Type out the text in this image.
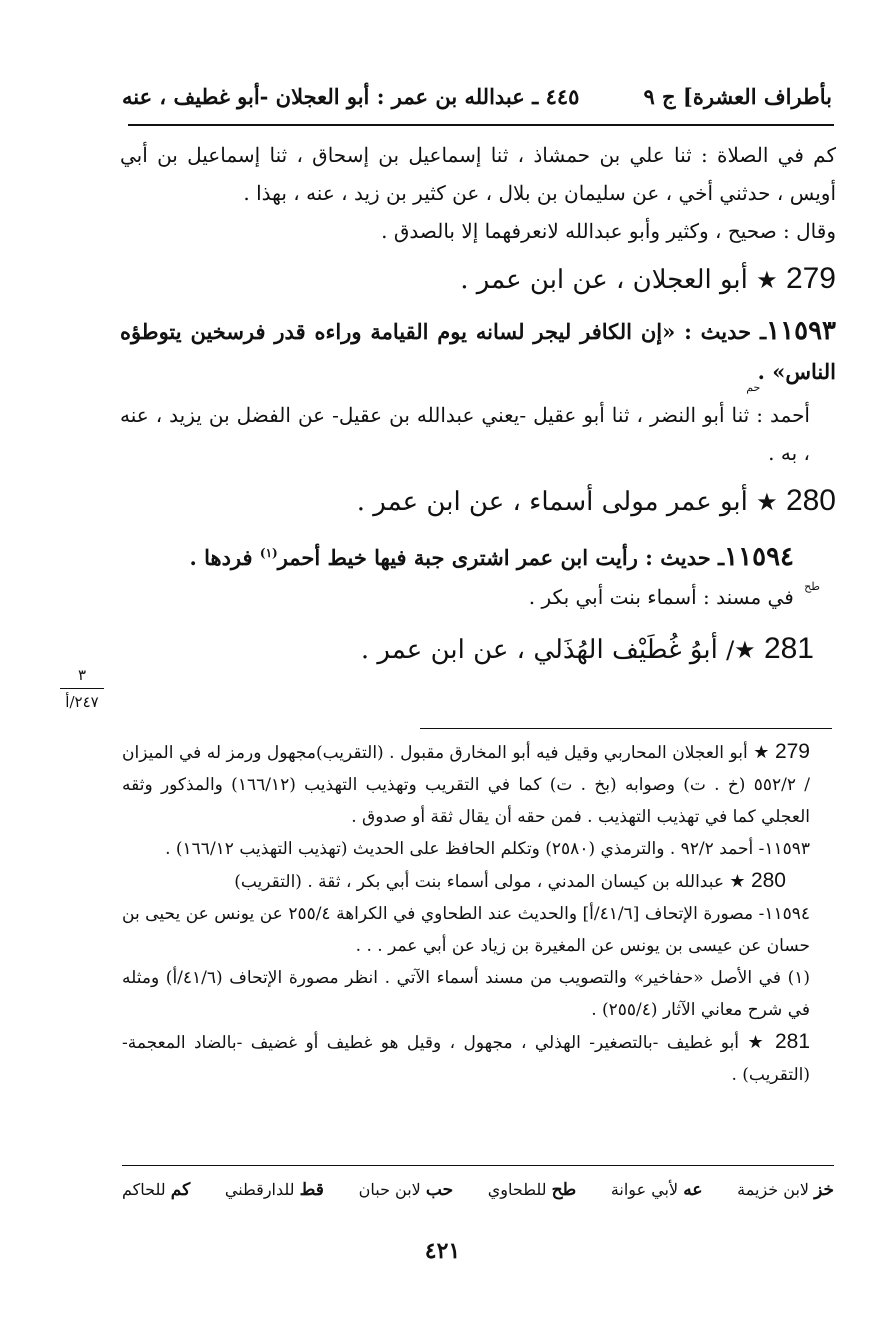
بأطراف العشرة] ج ٩
٤٤٥ ـ عبدالله بن عمر : أبو العجلان -أبو غطيف ، عنه

كم في الصلاة : ثنا علي بن حمشاذ ، ثنا إسماعيل بن إسحاق ، ثنا إسماعيل بن أبي أويس ، حدثني أخي ، عن سليمان بن بلال ، عن كثير بن زيد ، عنه ، بهذا .

وقال : صحيح ، وكثير وأبو عبدالله لانعرفهما إلا بالصدق .

279 ★ أبو العجلان ، عن ابن عمر .

١١٥٩٣ـ حديث : «إن الكافر ليجر لسانه يوم القيامة وراءه قدر فرسخين يتوطؤه الناس» . $_{حم}$

أحمد : ثنا أبو النضر ، ثنا أبو عقيل -يعني عبدالله بن عقيل- عن الفضل بن يزيد ، عنه ، به .

280 ★ أبو عمر مولى أسماء ، عن ابن عمر .

١١٥٩٤ـ حديث : رأيت ابن عمر اشترى جبة فيها خيط أحمر$^{(١)}$ فردها .

$^{طح}$ في مسند : أسماء بنت أبي بكر .

281 ★/ أبوُ غُطَيْف الهُذَلي ، عن ابن عمر .

٣
٢٤٧/أ

279 ★ أبو العجلان المحاربي وقيل فيه أبو المخارق مقبول . (التقريب)مجهول ورمز له في الميزان / ٥٥٢/٢ (خ . ت) وصوابه (بخ . ت) كما في التقريب وتهذيب التهذيب (١٦٦/١٢) والمذكور وثقه العجلي كما في تهذيب التهذيب . فمن حقه أن يقال ثقة أو صدوق .

١١٥٩٣- أحمد ٩٢/٢ . والترمذي (٢٥٨٠) وتكلم الحافظ على الحديث (تهذيب التهذيب ١٦٦/١٢) .

280 ★ عبدالله بن كيسان المدني ، مولى أسماء بنت أبي بكر ، ثقة . (التقريب)

١١٥٩٤- مصورة الإتحاف [٤١/٦/أ] والحديث عند الطحاوي في الكراهة ٢٥٥/٤ عن يونس عن يحيى بن حسان عن عيسى بن يونس عن المغيرة بن زياد عن أبي عمر . . .

(١) في الأصل «حفاخير» والتصويب من مسند أسماء الآتي . انظر مصورة الإتحاف (٤١/٦/أ) ومثله في شرح معاني الآثار (٢٥٥/٤) .

281 ★ أبو غطيف -بالتصغير- الهذلي ، مجهول ، وقيل هو غطيف أو غضيف -بالضاد المعجمة- (التقريب) .

خز لابن خزيمة
عه لأبي عوانة
طح للطحاوي
حب لابن حبان
قط للدارقطني
كم للحاكم
٤٢١
